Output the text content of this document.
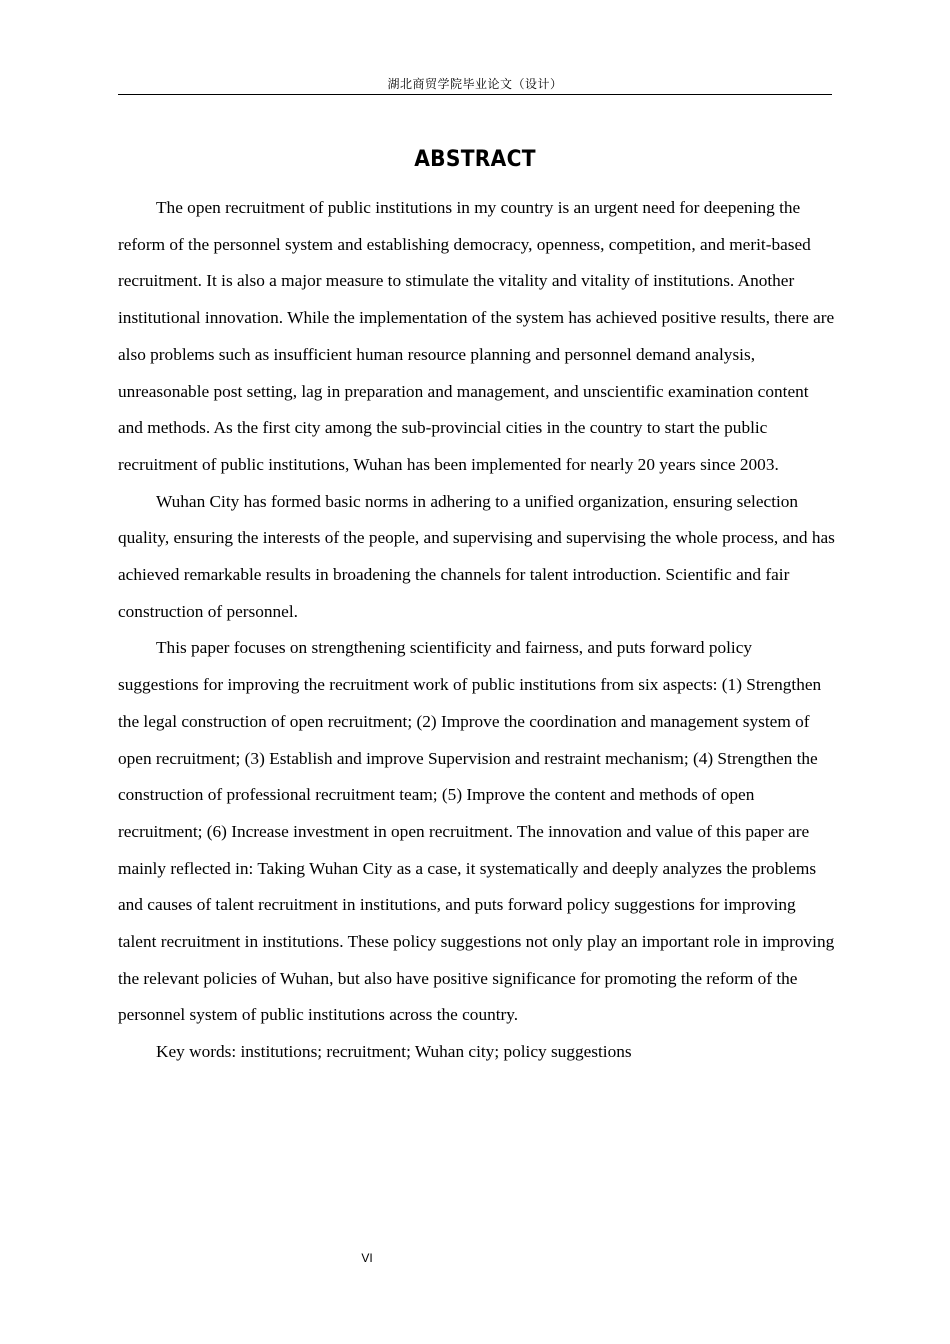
湖北商贸学院毕业论文（设计）
ABSTRACT

The open recruitment of public institutions in my country is an urgent need for deepening the reform of the personnel system and establishing democracy, openness, competition, and merit-based recruitment. It is also a major measure to stimulate the vitality and vitality of institutions. Another institutional innovation. While the implementation of the system has achieved positive results, there are also problems such as insufficient human resource planning and personnel demand analysis, unreasonable post setting, lag in preparation and management, and unscientific examination content and methods. As the first city among the sub-provincial cities in the country to start the public recruitment of public institutions, Wuhan has been implemented for nearly 20 years since 2003.

Wuhan City has formed basic norms in adhering to a unified organization, ensuring selection quality, ensuring the interests of the people, and supervising and supervising the whole process, and has achieved remarkable results in broadening the channels for talent introduction. Scientific and fair construction of personnel.

This paper focuses on strengthening scientificity and fairness, and puts forward policy suggestions for improving the recruitment work of public institutions from six aspects: (1) Strengthen the legal construction of open recruitment; (2) Improve the coordination and management system of open recruitment; (3) Establish and improve Supervision and restraint mechanism; (4) Strengthen the construction of professional recruitment team; (5) Improve the content and methods of open recruitment; (6) Increase investment in open recruitment. The innovation and value of this paper are mainly reflected in: Taking Wuhan City as a case, it systematically and deeply analyzes the problems and causes of talent recruitment in institutions, and puts forward policy suggestions for improving talent recruitment in institutions. These policy suggestions not only play an important role in improving the relevant policies of Wuhan, but also have positive significance for promoting the reform of the personnel system of public institutions across the country.

Key words: institutions; recruitment; Wuhan city; policy suggestions

VI
